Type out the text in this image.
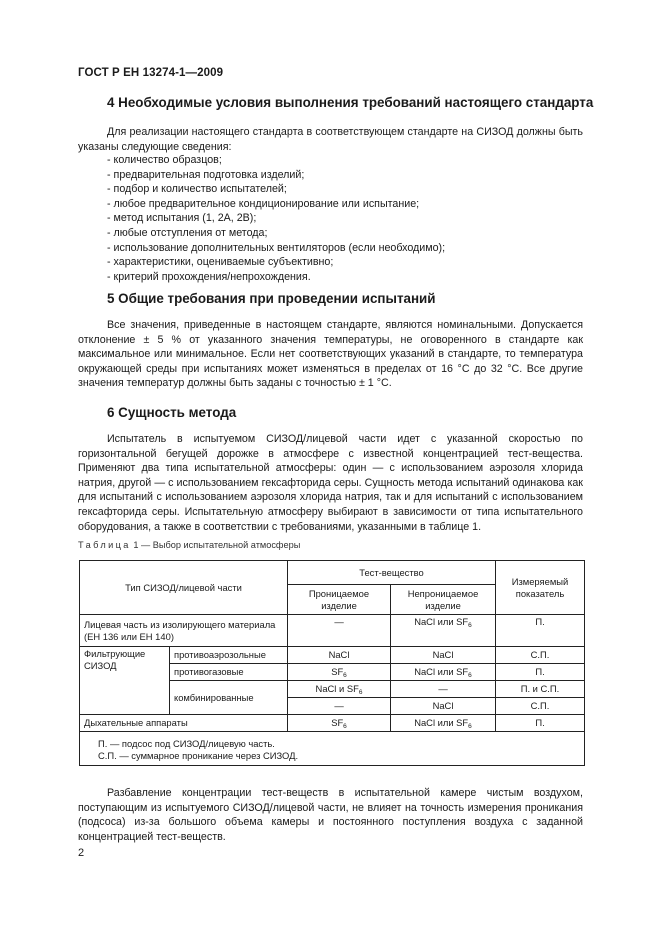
ГОСТ Р ЕН 13274-1—2009
4 Необходимые условия выполнения требований настоящего стандарта

Для реализации настоящего стандарта в соответствующем стандарте на СИЗОД должны быть указаны следующие сведения:

- количество образцов;
- предварительная подготовка изделий;
- подбор и количество испытателей;
- любое предварительное кондиционирование или испытание;
- метод испытания (1, 2А, 2В);
- любые отступления от метода;
- использование дополнительных вентиляторов (если необходимо);
- характеристики, оцениваемые субъективно;
- критерий прохождения/непрохождения.
5 Общие требования при проведении испытаний

Все значения, приведенные в настоящем стандарте, являются номинальными. Допускается отклонение ± 5 % от указанного значения температуры, не оговоренного в стандарте как максимальное или минимальное. Если нет соответствующих указаний в стандарте, то температура окружающей среды при испытаниях может изменяться в пределах от 16 °С до 32 °С. Все другие значения температур должны быть заданы с точностью ± 1 °С.

6 Сущность метода

Испытатель в испытуемом СИЗОД/лицевой части идет с указанной скоростью по горизонтальной бегущей дорожке в атмосфере с известной концентрацией тест-вещества. Применяют два типа испытательной атмосферы: один — с использованием аэрозоля хлорида натрия, другой — с использованием гексафторида серы. Сущность метода испытаний одинакова как для испытаний с использованием аэрозоля хлорида натрия, так и для испытаний с использованием гексафторида серы. Испытательную атмосферу выбирают в зависимости от типа испытательного оборудования, а также в соответствии с требованиями, указанными в таблице 1.

Таблица 1 — Выбор испытательной атмосферы
Тип СИЗОД/лицевой части		Тест-вещество		Измеряемый показатель
		Проницаемое изделие	Непроницаемое изделие	
Лицевая часть из изолирующего материала (ЕН 136 или ЕН 140)		—	NaCl или $SF_6$	П.
Фильтрующие СИЗОД	противоаэрозольные	NaCl	NaCl	С.П.
	противогазовые	$SF_6$	NaCl или $SF_6$	П.
	комбинированные	NaCl и $SF_6$	—	П. и С.П.
		—	NaCl	С.П.
Дыхательные аппараты		$SF_6$	NaCl или $SF_6$	П.

П. — подсос под СИЗОД/лицевую часть.
С.П. — суммарное проникание через СИЗОД.				

Разбавление концентрации тест-веществ в испытательной камере чистым воздухом, поступающим из испытуемого СИЗОД/лицевой части, не влияет на точность измерения проникания (подсоса) из-за большого объема камеры и постоянного поступления воздуха с заданной концентрацией тест-веществ.

2
